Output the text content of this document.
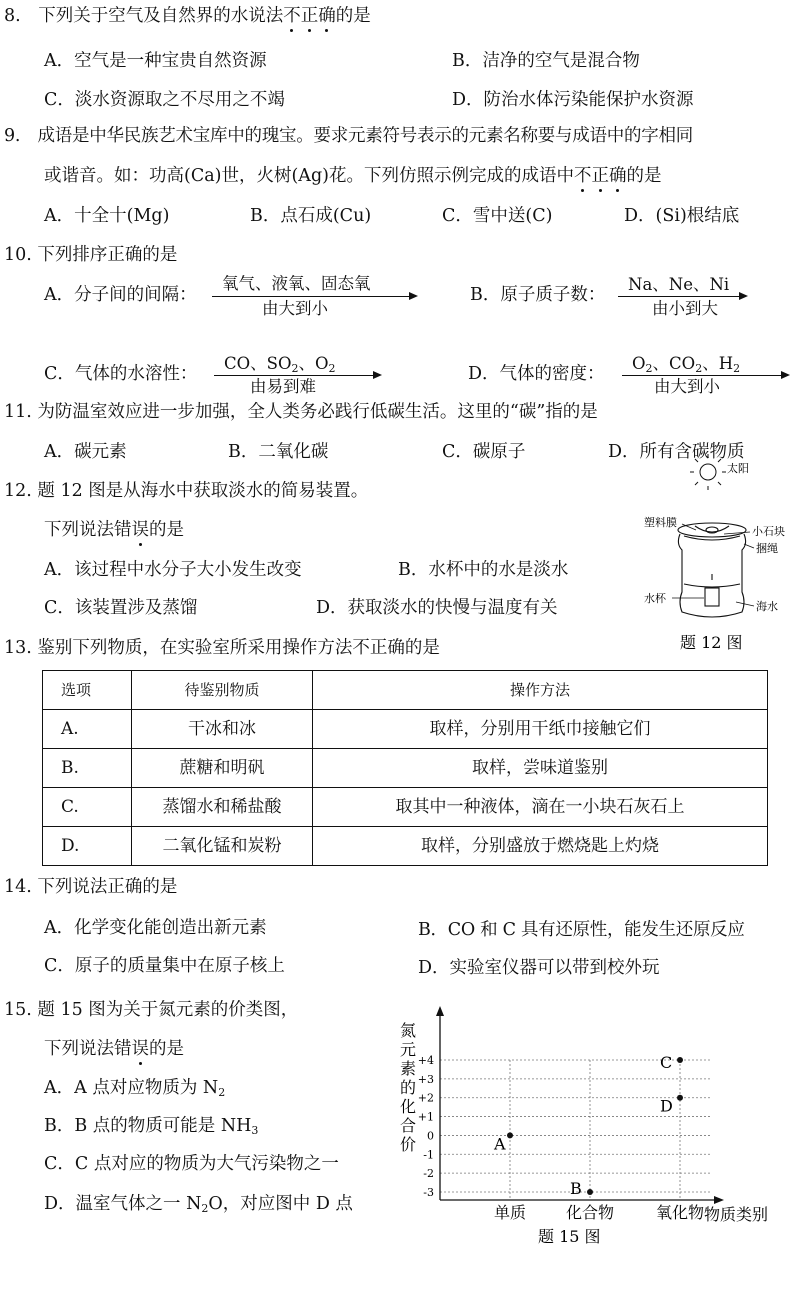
8.　下列关于空气及自然界的水说法不正确的是
A．空气是一种宝贵自然资源	B．洁净的空气是混合物
C．淡水资源取之不尽用之不竭	D．防治水体污染能保护水资源
9.　成语是中华民族艺术宝库中的瑰宝。要求元素符号表示的元素名称要与成语中的字相同
或谐音。如：功高(Ca)世，火树(Ag)花。下列仿照示例完成的成语中不正确的是
A．十全十(Mg)	B．点石成(Cu)	C．雪中送(C)	D．(Si)根结底
10. 下列排序正确的是
A．分子间的间隔：
氧气、液氧、固态氧
由大到小
B．原子质子数：
Na、Ne、Ni
由小到大
C．气体的水溶性：
CO、$SO_2$、$O_2$
由易到难
D．气体的密度：
$O_2$、$CO_2$、$H_2$
由大到小
11. 为防温室效应进一步加强，全人类务必践行低碳生活。这里的“碳”指的是
A．碳元素	B．二氧化碳	C．碳原子	D．所有含碳物质
12. 题 12 图是从海水中获取淡水的简易装置。
下列说法错误的是
A．该过程中水分子大小发生改变	B．水杯中的水是淡水
C．该装置涉及蒸馏	D．获取淡水的快慢与温度有关
太阳
塑料膜
小石块
捆绳
水杯
海水
题 12 图
13. 鉴别下列物质，在实验室所采用操作方法不正确的是
选项	待鉴别物质	操作方法
A.	干冰和冰	取样，分别用干纸巾接触它们
B.	蔗糖和明矾	取样，尝味道鉴别
C.	蒸馏水和稀盐酸	取其中一种液体，滴在一小块石灰石上
D.	二氧化锰和炭粉	取样，分别盛放于燃烧匙上灼烧
14. 下列说法正确的是
A．化学变化能创造出新元素	B．CO 和 C 具有还原性，能发生还原反应
C．原子的质量集中在原子核上	D．实验室仪器可以带到校外玩
15. 题 15 图为关于氮元素的价类图，
下列说法错误的是
A．A 点对应物质为 $N_2$
B．B 点的物质可能是 $NH_3$
C．C 点对应的物质为大气污染物之一
D．温室气体之一 $N_2O$，对应图中 D 点
氮
元
素
的
化
合
价
+4
+3
+2
+1
0
-1
-2
-3
单质 化合物	氧化物
A
B
C
D
物质类别
题 15 图
